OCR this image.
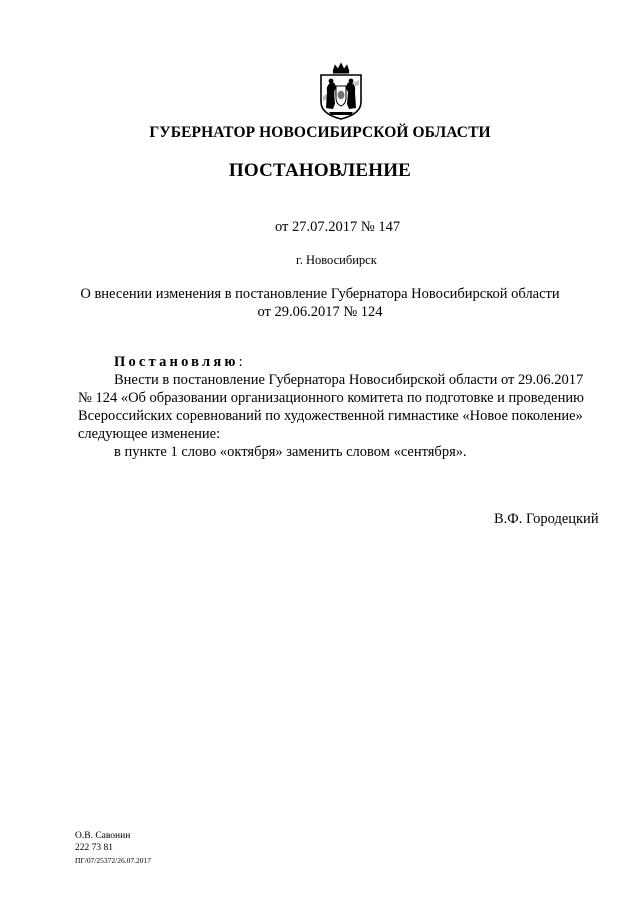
ГУБЕРНАТОР НОВОСИБИРСКОЙ ОБЛАСТИ
ПОСТАНОВЛЕНИЕ
от 27.07.2017 № 147
г. Новосибирск
О внесении изменения в постановление Губернатора Новосибирской области
от 29.06.2017 № 124
Постановляю:
Внести в постановление Губернатора Новосибирской области от 29.06.2017
№ 124 «Об образовании организационного комитета по подготовке и проведению
Всероссийских соревнований по художественной гимнастике «Новое поколение»
следующее изменение:
в пункте 1 слово «октября» заменить словом «сентября».
В.Ф. Городецкий
О.В. Савонин
222 73 81
ПГ/07/25372/26.07.2017
